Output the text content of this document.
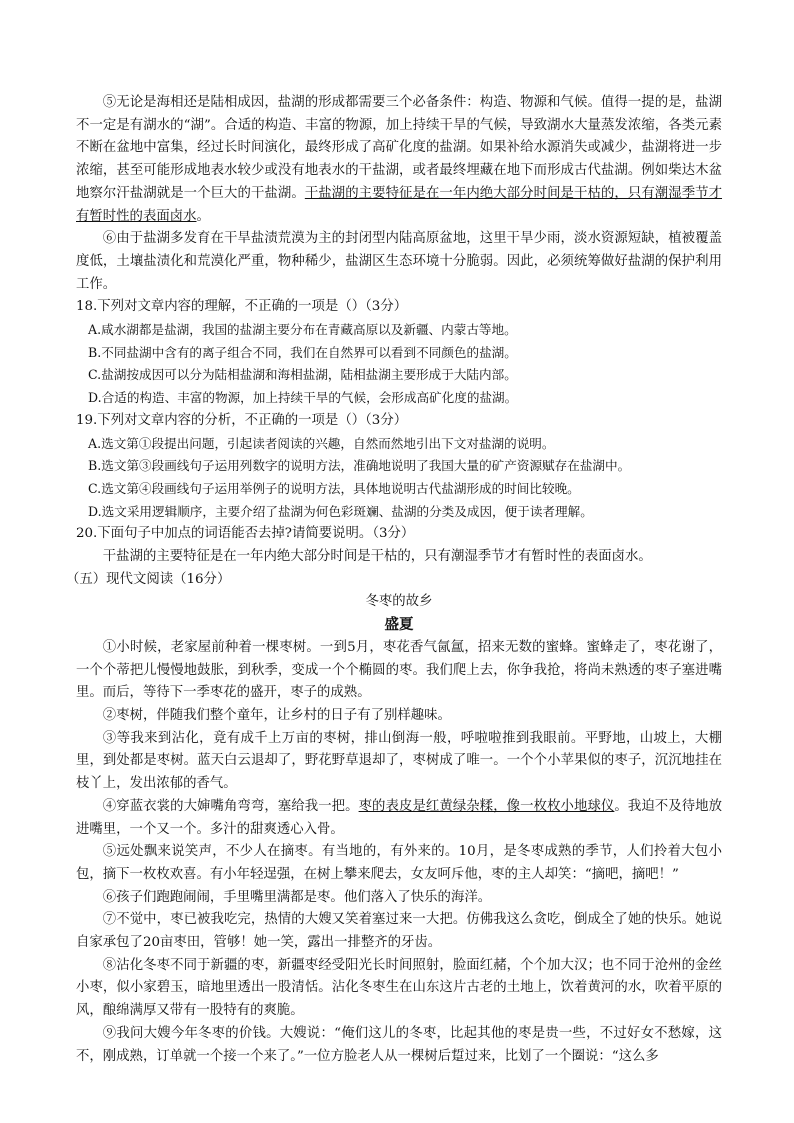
⑤无论是海相还是陆相成因，盐湖的形成都需要三个必备条件：构造、物源和气候。值得一提的是，盐湖不一定是有湖水的“湖”。合适的构造、丰富的物源，加上持续干旱的气候，导致湖水大量蒸发浓缩，各类元素不断在盆地中富集，经过长时间演化，最终形成了高矿化度的盐湖。如果补给水源消失或减少，盐湖将进一步浓缩，甚至可能形成地表水较少或没有地表水的干盐湖，或者最终埋藏在地下而形成古代盐湖。例如柴达木盆地察尔汗盐湖就是一个巨大的干盐湖。干盐湖的主要特征是在一年内绝大部分时间是干枯的，只有潮湿季节才有暂时性的表面卤水。

⑥由于盐湖多发育在干旱盐渍荒漠为主的封闭型内陆高原盆地，这里干旱少雨，淡水资源短缺，植被覆盖度低，土壤盐渍化和荒漠化严重，物种稀少，盐湖区生态环境十分脆弱。因此，必须统筹做好盐湖的保护利用工作。

18.下列对文章内容的理解，不正确的一项是（）（3分）

A.咸水湖都是盐湖，我国的盐湖主要分布在青藏高原以及新疆、内蒙古等地。

B.不同盐湖中含有的离子组合不同，我们在自然界可以看到不同颜色的盐湖。

C.盐湖按成因可以分为陆相盐湖和海相盐湖，陆相盐湖主要形成于大陆内部。

D.合适的构造、丰富的物源，加上持续干旱的气候，会形成高矿化度的盐湖。

19.下列对文章内容的分析，不正确的一项是（）（3分）

A.选文第①段提出问题，引起读者阅读的兴趣，自然而然地引出下文对盐湖的说明。

B.选文第③段画线句子运用列数字的说明方法，准确地说明了我国大量的矿产资源赋存在盐湖中。

C.选文第④段画线句子运用举例子的说明方法，具体地说明古代盐湖形成的时间比较晚。

D.选文采用逻辑顺序，主要介绍了盐湖为何色彩斑斓、盐湖的分类及成因，便于读者理解。

20.下面句子中加点的词语能否去掉?请简要说明。（3分）

干盐湖的主要特征是在一年内绝大部分时间是干枯的，只有潮湿季节才有暂时性的表面卤水。

（五）现代文阅读（16分）

冬枣的故乡

盛夏

①小时候，老家屋前种着一棵枣树。一到5月，枣花香气氤氲，招来无数的蜜蜂。蜜蜂走了，枣花谢了，一个个蒂把儿慢慢地鼓胀，到秋季，变成一个个椭圆的枣。我们爬上去，你争我抢，将尚未熟透的枣子塞进嘴里。而后，等待下一季枣花的盛开，枣子的成熟。

②枣树，伴随我们整个童年，让乡村的日子有了别样趣味。

③等我来到沾化，竟有成千上万亩的枣树，排山倒海一般，呼啦啦推到我眼前。平野地，山坡上，大棚里，到处都是枣树。蓝天白云退却了，野花野草退却了，枣树成了唯一。一个个小苹果似的枣子，沉沉地挂在枝丫上，发出浓郁的香气。

④穿蓝衣裳的大婶嘴角弯弯，塞给我一把。枣的表皮是红黄绿杂糅，像一枚枚小地球仪。我迫不及待地放进嘴里，一个又一个。多汁的甜爽透心入骨。

⑤远处飘来说笑声，不少人在摘枣。有当地的，有外来的。10月，是冬枣成熟的季节，人们拎着大包小包，摘下一枚枚欢喜。有小年轻逞强，在树上攀来爬去，女友呵斥他，枣的主人却笑：“摘吧，摘吧！”

⑥孩子们跑跑闹闹，手里嘴里满都是枣。他们落入了快乐的海洋。

⑦不觉中，枣已被我吃完，热情的大嫂又笑着塞过来一大把。仿佛我这么贪吃，倒成全了她的快乐。她说自家承包了20亩枣田，管够！她一笑，露出一排整齐的牙齿。

⑧沾化冬枣不同于新疆的枣，新疆枣经受阳光长时间照射，脸面红赭，个个加大汉；也不同于沧州的金丝小枣，似小家碧玉，暗地里透出一股清恬。沾化冬枣生在山东这片古老的土地上，饮着黄河的水，吹着平原的风，酿绵满厚又带有一股特有的爽脆。

⑨我问大嫂今年冬枣的价钱。大嫂说：“俺们这儿的冬枣，比起其他的枣是贵一些，不过好女不愁嫁，这不，刚成熟，订单就一个接一个来了。”一位方脸老人从一棵树后踅过来，比划了一个圈说：“这么多
